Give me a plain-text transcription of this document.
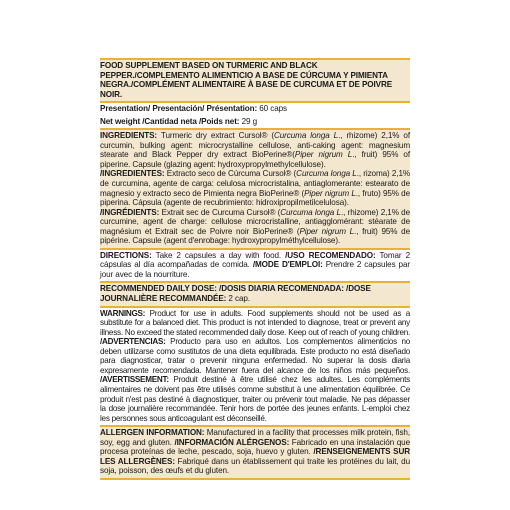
FOOD SUPPLEMENT BASED ON TURMERIC AND BLACK PEPPER./COMPLEMENTO ALIMENTICIO A BASE DE CÚRCUMA Y PIMIENTA NEGRA./COMPLÉMENT ALIMENTAIRE À BASE DE CURCUMA ET DE POIVRE NOIR.
Presentation/ Presentación/ Présentation: 60 caps
Net weight /Cantidad neta /Poids net: 29 g
INGREDIENTS: Turmeric dry extract Cursol® (Curcuma longa L., rhizome) 2,1% of curcumin, bulking agent: microcrystalline cellulose, anti-caking agent: magnesium stearate and Black Pepper dry extract BioPerine®(Piper nigrum L., fruit) 95% of piperine. Capsule (glazing agent: hydroxypropylmethylcellulose).
/INGREDIENTES: Extracto seco de Cúrcuma Cursol® (Curcuma longa L., rizoma) 2,1% de curcumina, agente de carga: celulosa microcristalina, antiaglomerante: estearato de magnesio y extracto seco de Pimienta negra BioPerine® (Piper nigrum L., fruto) 95% de piperina. Cápsula (agente de recubrimiento: hidroxipropilmetilcelulosa).
/INGRÉDIENTS: Extrait sec de Curcuma Cursol® (Curcuma longa L., rhizome) 2,1% de curcumine, agent de charge: cellulose microcristalline, antiagglomérant: stéarate de magnésium et Extrait sec de Poivre noir BioPerine® (Piper nigrum L., fruit) 95% de pipérine. Capsule (agent d'enrobage: hydroxypropylméthylcellulose).
DIRECTIONS: Take 2 capsules a day with food. /USO RECOMENDADO: Tomar 2 cápsulas al día acompañadas de comida. /MODE D'EMPLOI: Prendre 2 capsules par jour avec de la nourriture.
RECOMMENDED DAILY DOSE: /DOSIS DIARIA RECOMENDADA: /DOSE JOURNALIÈRE RECOMMANDÉE: 2 cap.
WARNINGS: Product for use in adults. Food supplements should not be used as a substitute for a balanced diet. This product is not intended to diagnose, treat or prevent any illness. No exceed the stated recommended daily dose. Keep out of reach of young children. /ADVERTENCIAS: Producto para uso en adultos. Los complementos alimenticios no deben utilizarse como sustitutos de una dieta equilibrada. Este producto no está diseñado para diagnosticar, tratar o prevenir ninguna enfermedad. No superar la dosis diaria expresamente recomendada. Mantener fuera del alcance de los niños más pequeños. /AVERTISSEMENT: Produit destiné à être utilisé chez les adultes. Les compléments alimentaires ne doivent pas être utilisés comme substitut à une alimentation équilibrée. Ce produit n'est pas destiné à diagnostiquer, traiter ou prévenir tout maladie. Ne pas dépasser la dose journalière recommandée. Tenir hors de portée des jeunes enfants. L-emploi chez les personnes sous anticoagulant est déconseillé.
ALLERGEN INFORMATION: Manufactured in a facility that processes milk protein, fish, soy, egg and gluten. /INFORMACIÓN ALÉRGENOS: Fabricado en una instalación que procesa proteínas de leche, pescado, soja, huevo y gluten. /RENSEIGNEMENTS SUR LES ALLERGÈNES: Fabriqué dans un établissement qui traite les protéines du lait, du soja, poisson, des œufs et du gluten.
